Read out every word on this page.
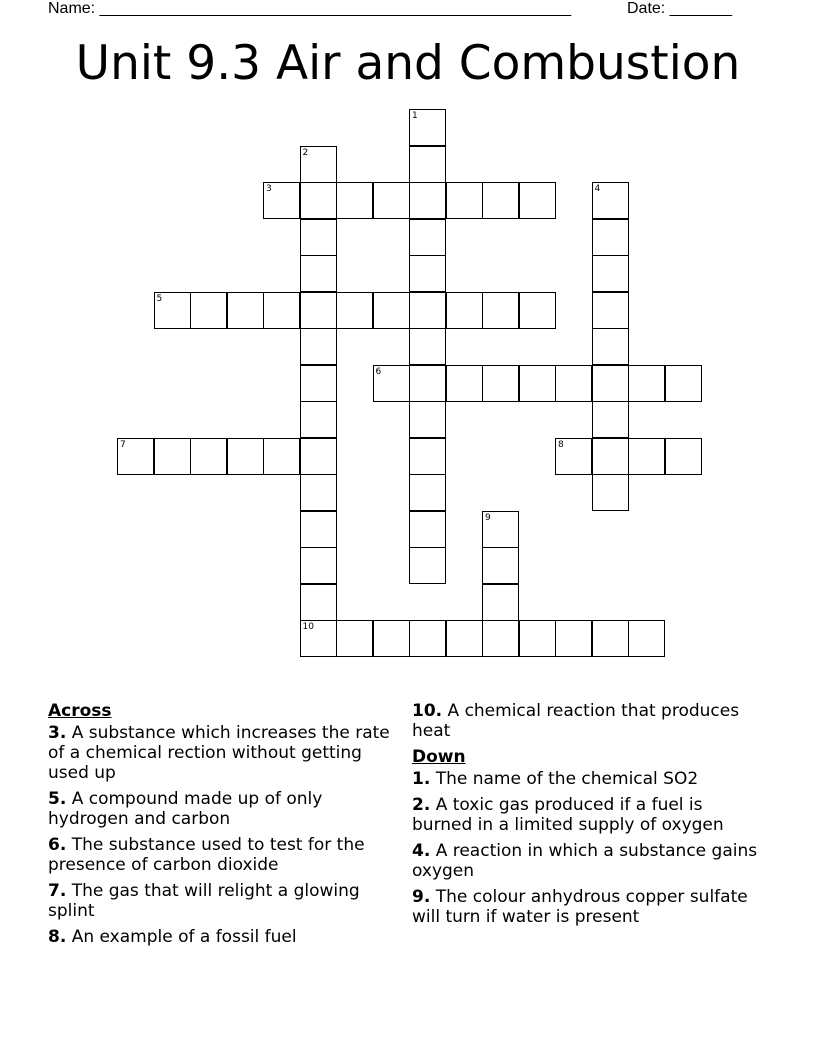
Name: _____________________________________________________	Date: _______
Unit 9.3 Air and Combustion
1
2
10
3	4
5
6
7	8
9
Across
3. A substance which increases the rate of a chemical rection without getting used up
5. A compound made up of only hydrogen and carbon
6. The substance used to test for the presence of carbon dioxide
7. The gas that will relight a glowing splint
8. An example of a fossil fuel
10. A chemical reaction that produces heat
Down
1. The name of the chemical SO2
2. A toxic gas produced if a fuel is burned in a limited supply of oxygen
4. A reaction in which a substance gains oxygen
9. The colour anhydrous copper sulfate will turn if water is present
